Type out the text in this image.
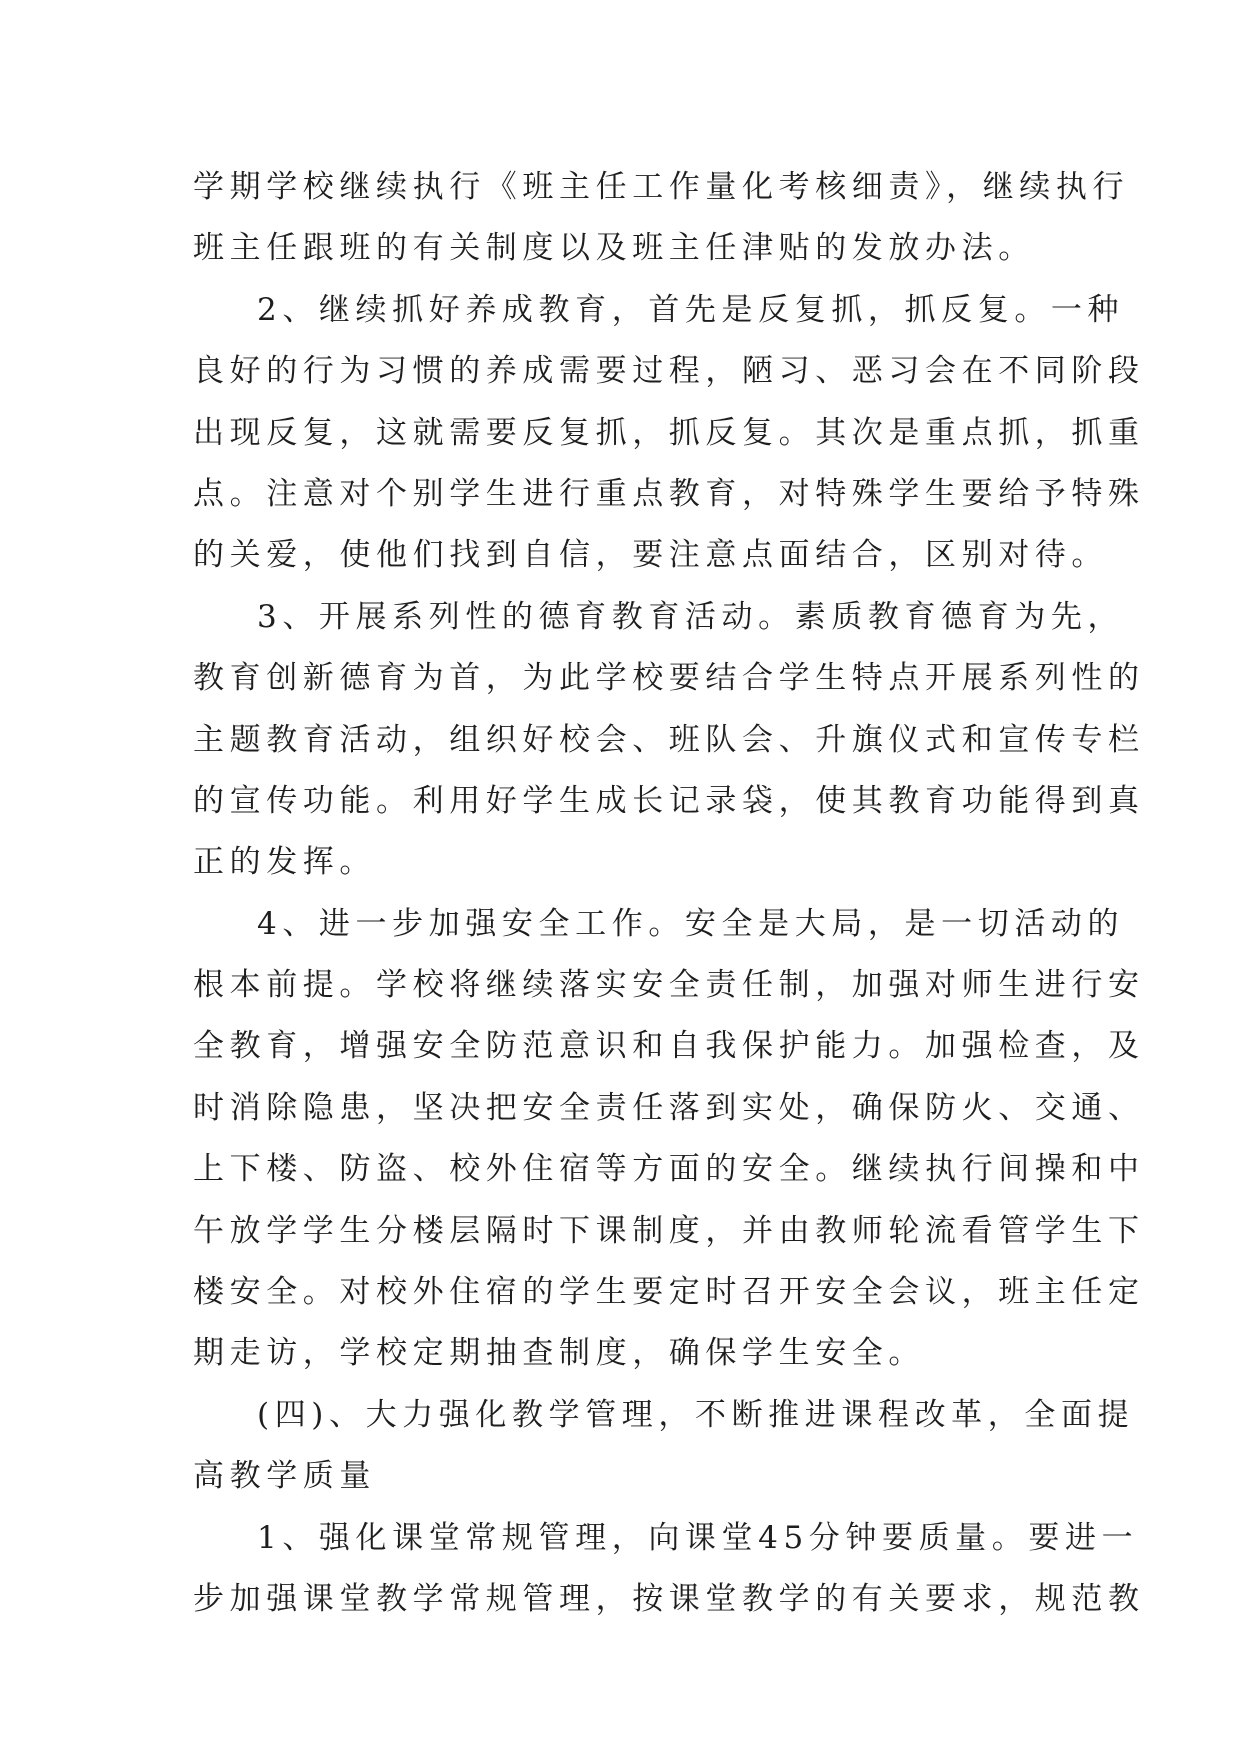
学期学校继续执行《班主任工作量化考核细责》，继续执行
班主任跟班的有关制度以及班主任津贴的发放办法。
2、继续抓好养成教育，首先是反复抓，抓反复。一种
良好的行为习惯的养成需要过程，陋习、恶习会在不同阶段
出现反复，这就需要反复抓，抓反复。其次是重点抓，抓重
点。注意对个别学生进行重点教育，对特殊学生要给予特殊
的关爱，使他们找到自信，要注意点面结合，区别对待。
3、开展系列性的德育教育活动。素质教育德育为先，
教育创新德育为首，为此学校要结合学生特点开展系列性的
主题教育活动，组织好校会、班队会、升旗仪式和宣传专栏
的宣传功能。利用好学生成长记录袋，使其教育功能得到真
正的发挥。
4、进一步加强安全工作。安全是大局，是一切活动的
根本前提。学校将继续落实安全责任制，加强对师生进行安
全教育，增强安全防范意识和自我保护能力。加强检查，及
时消除隐患，坚决把安全责任落到实处，确保防火、交通、
上下楼、防盗、校外住宿等方面的安全。继续执行间操和中
午放学学生分楼层隔时下课制度，并由教师轮流看管学生下
楼安全。对校外住宿的学生要定时召开安全会议，班主任定
期走访，学校定期抽查制度，确保学生安全。
(四)、大力强化教学管理，不断推进课程改革，全面提
高教学质量
1、强化课堂常规管理，向课堂45分钟要质量。要进一
步加强课堂教学常规管理，按课堂教学的有关要求，规范教
